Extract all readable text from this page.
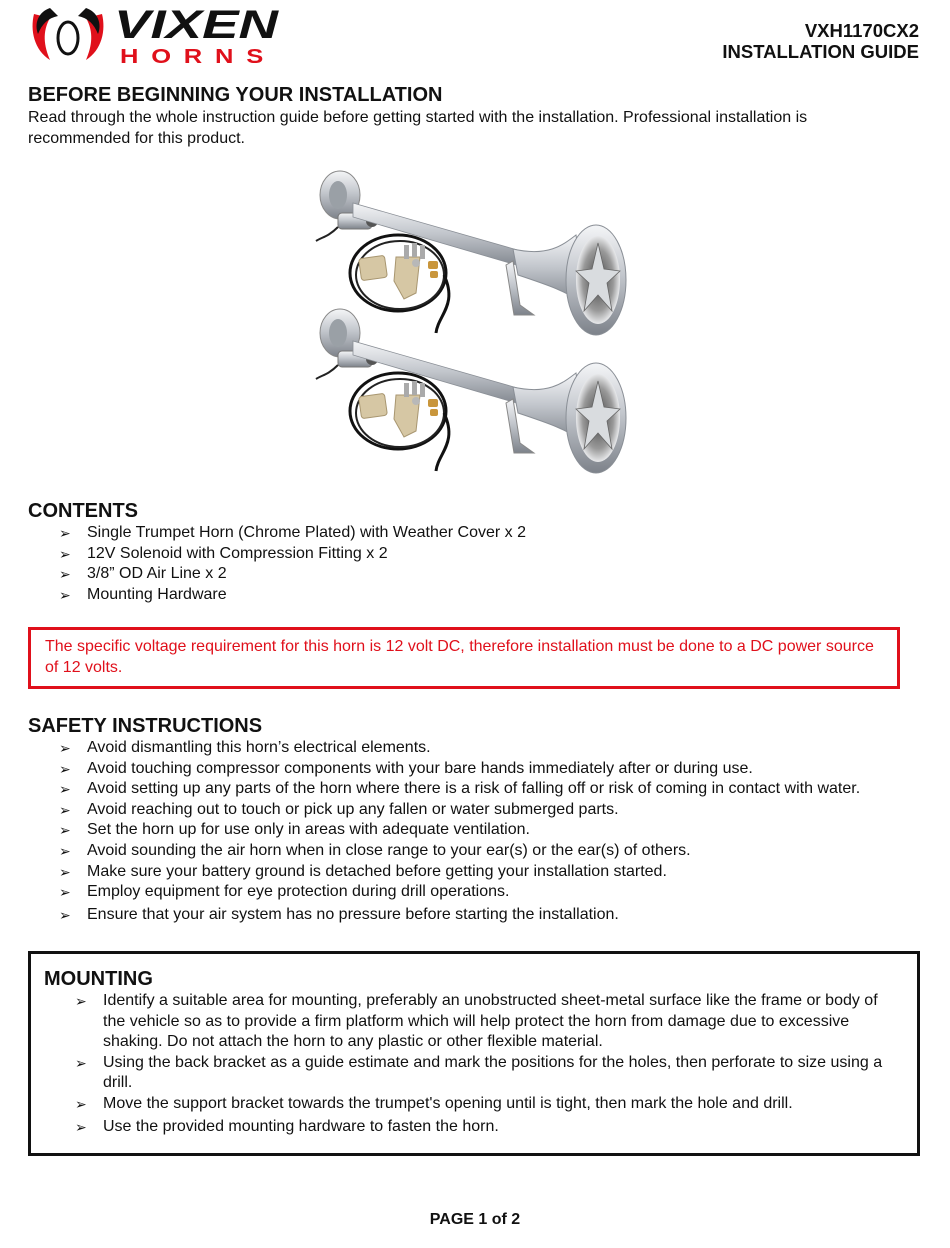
VIXEN
HORNS
VXH1170CX2
INSTALLATION GUIDE
BEFORE BEGINNING YOUR INSTALLATION

Read through the whole instruction guide before getting started with the installation. Professional installation is recommended for this product.

CONTENTS
➢ Single Trumpet Horn (Chrome Plated) with Weather Cover x 2
➢ 12V Solenoid with Compression Fitting x 2
➢ 3/8” OD Air Line x 2
➢ Mounting Hardware
The specific voltage requirement for this horn is 12 volt DC, therefore installation must be done to a DC power source of 12 volts.
SAFETY INSTRUCTIONS
➢ Avoid dismantling this horn’s electrical elements.
➢ Avoid touching compressor components with your bare hands immediately after or during use.
➢ Avoid setting up any parts of the horn where there is a risk of falling off or risk of coming in contact with water.
➢ Avoid reaching out to touch or pick up any fallen or water submerged parts.
➢ Set the horn up for use only in areas with adequate ventilation.
➢ Avoid sounding the air horn when in close range to your ear(s) or the ear(s) of others.
➢ Make sure your battery ground is detached before getting your installation started.
➢ Employ equipment for eye protection during drill operations.
➢ Ensure that your air system has no pressure before starting the installation.
MOUNTING
➢ Identify a suitable area for mounting, preferably an unobstructed sheet-metal surface like the frame or body of the vehicle so as to provide a firm platform which will help protect the horn from damage due to excessive shaking. Do not attach the horn to any plastic or other flexible material.
➢ Using the back bracket as a guide estimate and mark the positions for the holes, then perforate to size using a drill.
➢ Move the support bracket towards the trumpet's opening until is tight, then mark the hole and drill.
➢ Use the provided mounting hardware to fasten the horn.
PAGE 1 of 2
